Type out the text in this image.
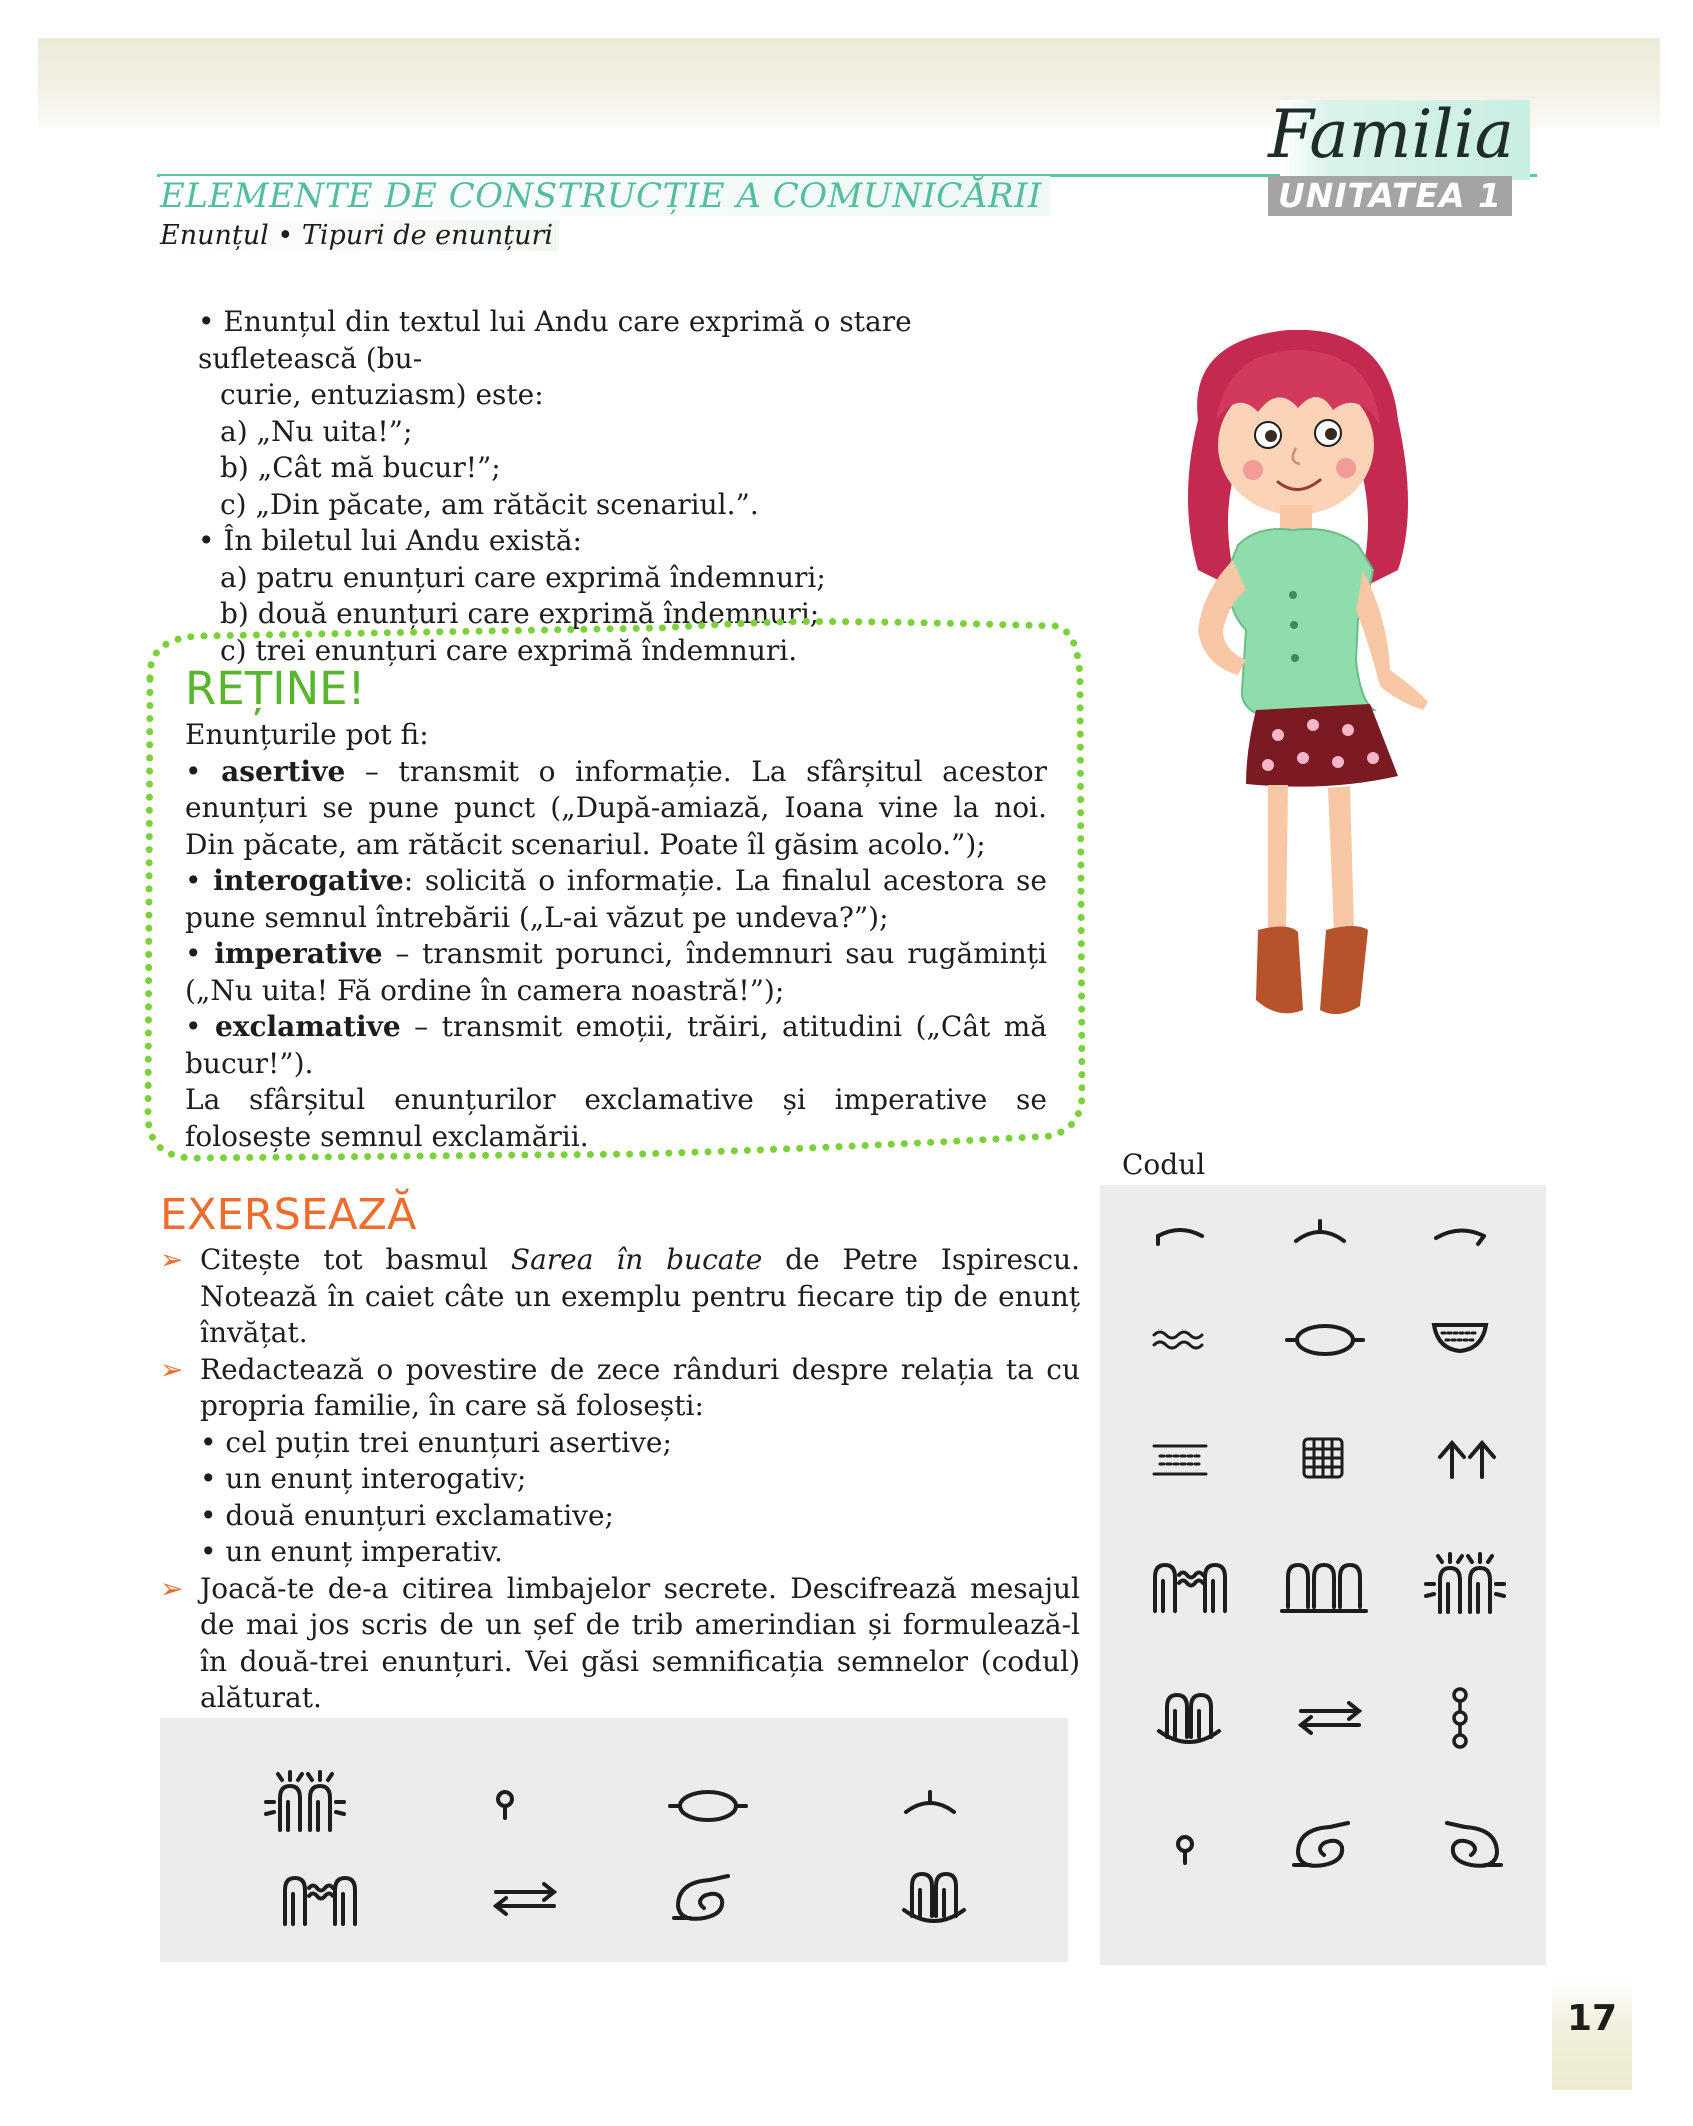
Familia
UNITATEA 1
ELEMENTE DE CONSTRUCȚIE A COMUNICĂRII
Enunțul • Tipuri de enunțuri

• Enunțul din textul lui Andu care exprimă o stare sufletească (bu-

curie, entuziasm) este:

a) „Nu uita!”;

b) „Cât mă bucur!”;

c) „Din păcate, am rătăcit scenariul.”.

• În biletul lui Andu există:

a) patru enunțuri care exprimă îndemnuri;

b) două enunțuri care exprimă îndemnuri;

c) trei enunțuri care exprimă îndemnuri.

REȚINE!

Enunțurile pot fi:

• asertive – transmit o informație. La sfârșitul acestor enunțuri se pune punct („După-amiază, Ioana vine la noi. Din păcate, am rătăcit scenariul. Poate îl găsim acolo.”);

• interogative: solicită o informație. La finalul acestora se pune semnul întrebării („L-ai văzut pe undeva?”);

• imperative – transmit porunci, îndemnuri sau rugăminți („Nu uita! Fă ordine în camera noastră!”);

• exclamative – transmit emoții, trăiri, atitudini („Cât mă bucur!”).

La sfârșitul enunțurilor exclamative și imperative se folosește semnul exclamării.

EXERSEAZĂ

➢ Citește tot basmul Sarea în bucate de Petre Ispirescu. Notează în caiet câte un exemplu pentru fiecare tip de enunț învățat.

➢ Redactează o povestire de zece rânduri despre relația ta cu propria familie, în care să folosești:

• cel puțin trei enunțuri asertive;

• un enunț interogativ;

• două enunțuri exclamative;

• un enunț imperativ.

➢ Joacă-te de-a citirea limbajelor secrete. Descifrează mesajul de mai jos scris de un șef de trib amerindian și formulează-l în două-trei enunțuri. Vei găsi semnificația semnelor (codul) alăturat.

Codul
17
